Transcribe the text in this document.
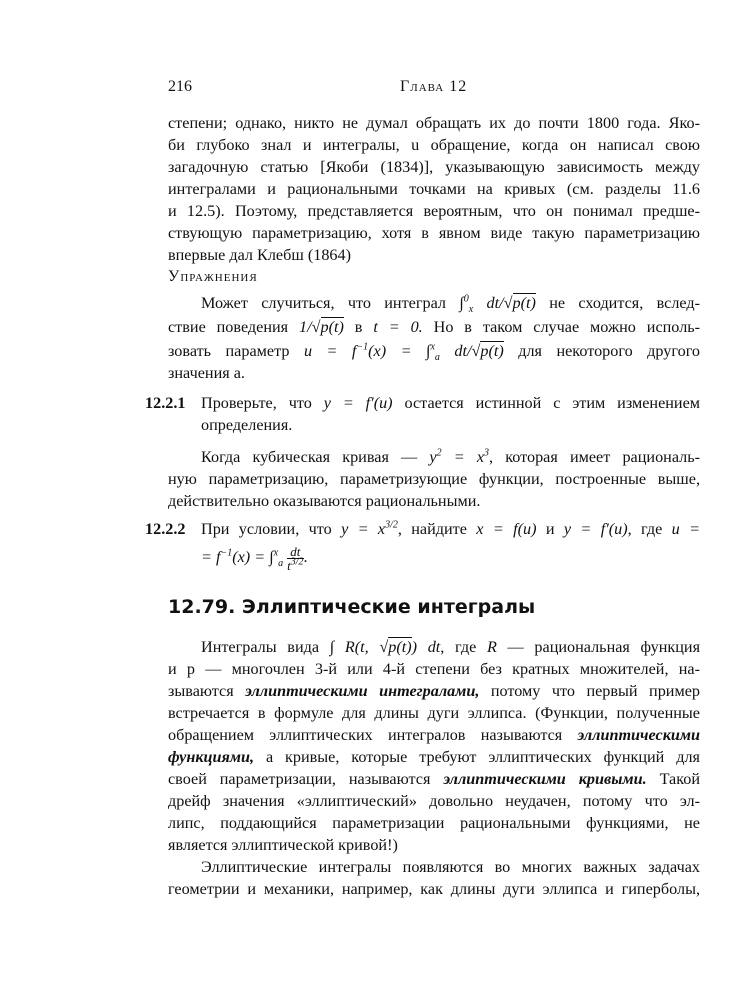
216	Глава 12
степени; однако, никто не думал обращать их до почти 1800 года. Яко-
би глубоко знал и интегралы, u обращение, когда он написал свою
загадочную статью [Якоби (1834)], указывающую зависимость между
интегралами и рациональными точками на кривых (см. разделы 11.6
и 12.5). Поэтому, представляется вероятным, что он понимал предше-
ствующую параметризацию, хотя в явном виде такую параметризацию
впервые дал Клебш (1864)
Упражнения
Может случиться, что интеграл ∫$^0_x$ dt/√p(t) не сходится, вслед-
ствие поведения 1/√p(t) в t = 0. Но в таком случае можно исполь-
зовать параметр $u = f^{-1}(x) = \int^x_a$ dt/√p(t) для некоторого другого
значения a.
12.2.1 Проверьте, что y = f′(u) остается истинной с этим изменением
определения.
Когда кубическая кривая — $y^2 = x^3$, которая имеет рациональ-
ную параметризацию, параметризующие функции, построенные выше,
действительно оказываются рациональными.
12.2.2 При условии, что $y = x^{3/2}$, найдите x = f(u) и y = f′(u), где u =
= $f^{-1}(x) = \int^x_a \frac{dt}{t^{3/2}}$ .
12.79. Эллиптические интегралы
Интегралы вида ∫ R(t, √p(t)) dt, где R — рациональная функция
и p — многочлен 3-й или 4-й степени без кратных множителей, на-
зываются эллиптическими интегралами, потому что первый пример
встречается в формуле для длины дуги эллипса. (Функции, полученные
обращением эллиптических интегралов называются эллиптическими
функциями, а кривые, которые требуют эллиптических функций для
своей параметризации, называются эллиптическими кривыми. Такой
дрейф значения «эллиптический» довольно неудачен, потому что эл-
липс, поддающийся параметризации рациональными функциями, не
является эллиптической кривой!)
Эллиптические интегралы появляются во многих важных задачах
геометрии и механики, например, как длины дуги эллипса и гиперболы,
